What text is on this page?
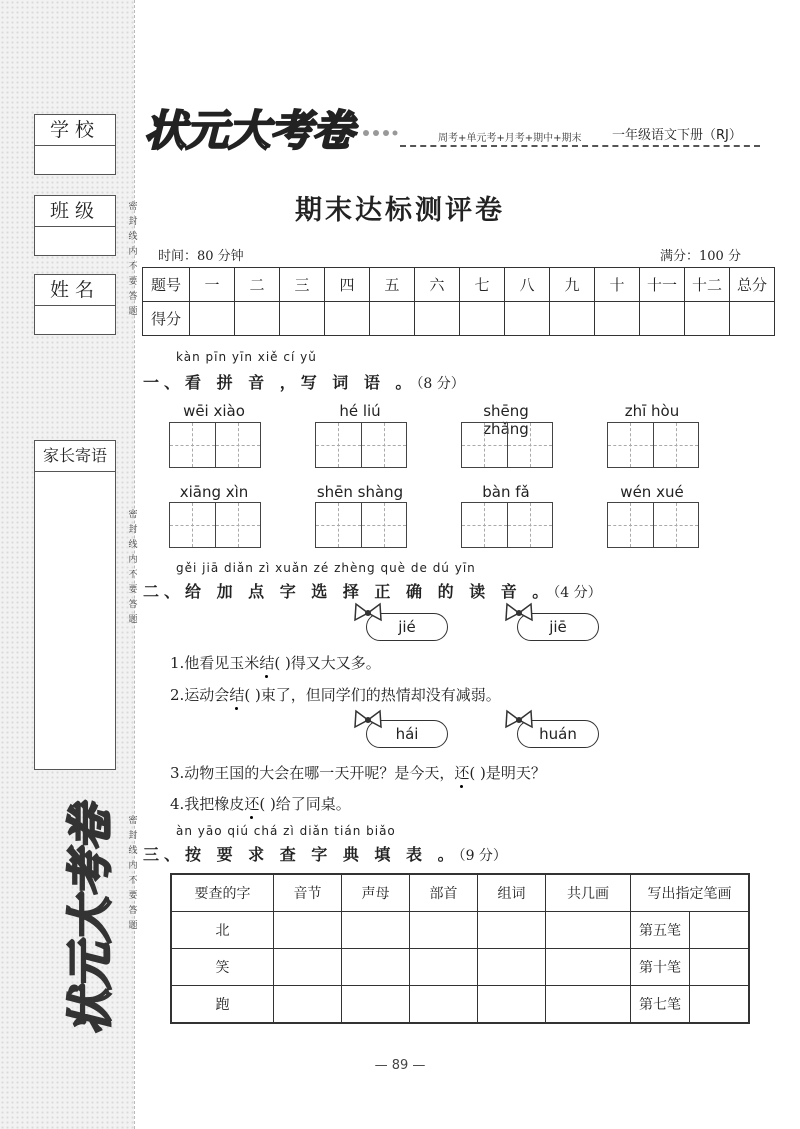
学校
班级
姓名
家长寄语
密
封
线
内
不
要
答
题
密
封
线
内
不
要
答
题
密
封
线
内
不
要
答
题
状元大考卷
状元大考卷	周考+单元考+月考+期中+期末 一年级语文下册（RJ）
期末达标测评卷
时间：80 分钟	满分：100 分
题号	一	二	三	四	五	六	七	八	九	十	十一	十二	总分
得分													
kàn pīn yīn xiě cí yǔ
一、看 拼 音 ，写 词 语 。（8 分）
wēi xiào	hé liú	shēng zhǎng
zhī hòu
xiāng xìn	shēn shàng	bàn fǎ	wén xué
gěi jiā diǎn zì xuǎn zé zhèng què de dú yīn
二、给 加 点 字 选 择 正 确 的 读 音 。（4 分）
jié	jiē
1.他看见玉米结( )得又大又多。
2.运动会结( )束了，但同学们的热情却没有减弱。
hái	huán
3.动物王国的大会在哪一天开呢？是今天，还( )是明天？
4.我把橡皮还( )给了同桌。
àn yāo qiú chá zì diǎn tián biǎo
三、按 要 求 查 字 典 填 表 。（9 分）
要查的字	音节	声母	部首	组词	共几画	写出指定笔画	
北						第五笔	
笑						第十笔	
跑						第七笔	
— 89 —
